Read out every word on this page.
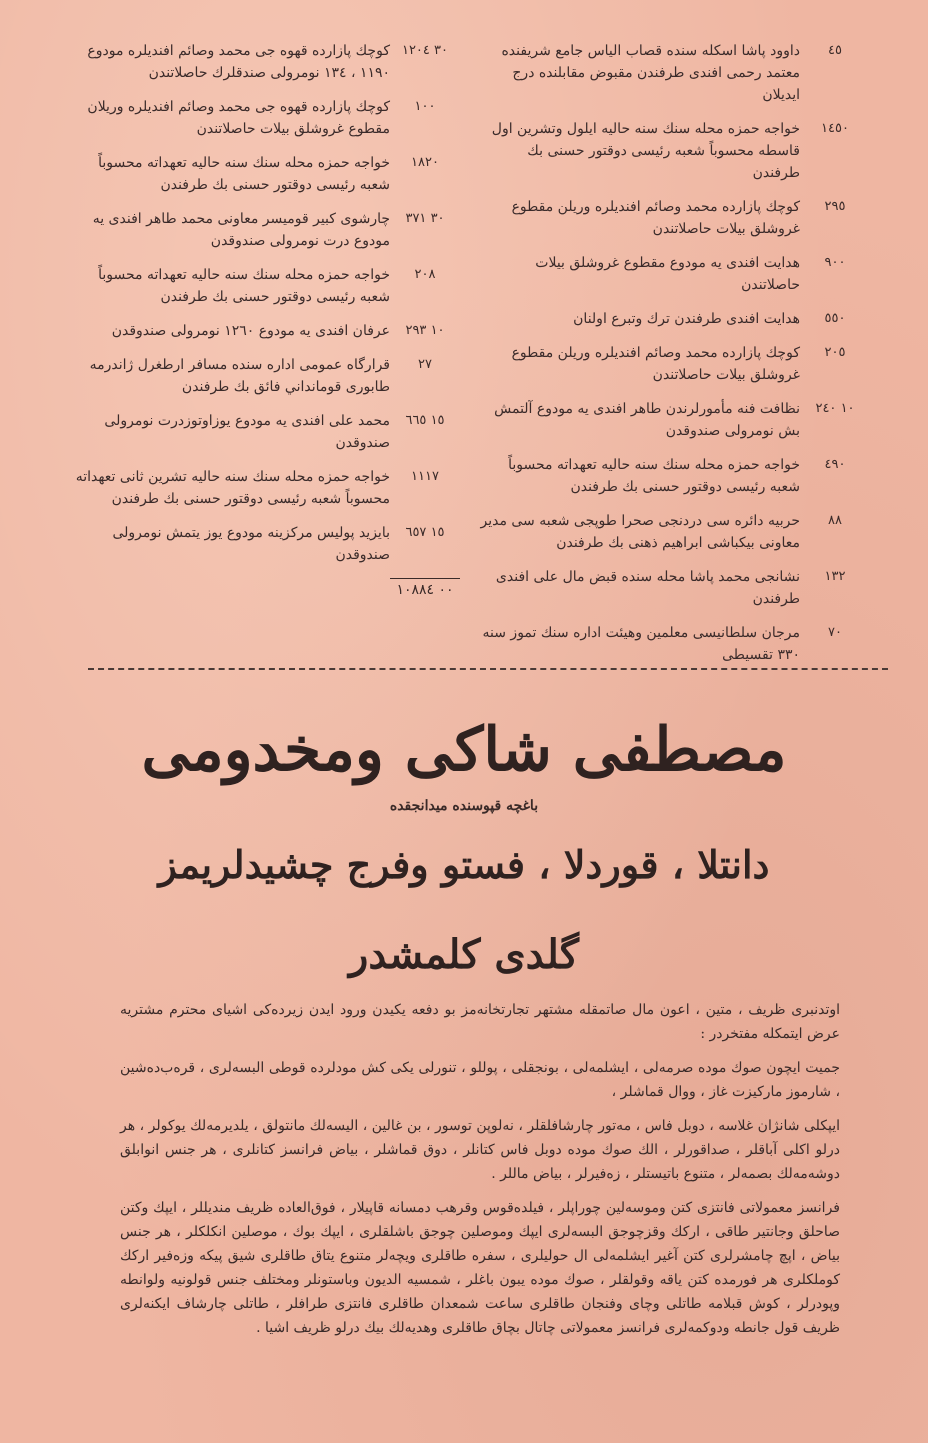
٤٥
داوود پاشا اسکله سنده قصاب الیاس جامع شریفنده معتمد رحمی افندی طرفندن مقبوض مقابلنده درج ایدیلان
١٤٥٠
خواجه حمزه محله سنك سنه حالیه ایلول وتشرین اول قاسطه محسوباً شعبه رئیسی دوقتور حسنی بك طرفندن
٢٩٥
کوچك پازارده محمد وصائم افندیلره وریلن مقطوع غروشلق بیلات حاصلاتندن
٩٠٠
هدایت افندی یه مودوع مقطوع غروشلق بیلات حاصلاتندن
٥٥٠
هدایت افندی طرفندن ترك وتبرع اولنان
٢٠٥
کوچك پازارده محمد وصائم افندیلره وریلن مقطوع غروشلق بیلات حاصلاتندن
١٠ ٢٤٠
نظافت فنه مأمورلرندن طاهر افندی یه مودوع آلتمش بش نومرولی صندوقدن
٤٩٠
خواجه حمزه محله سنك سنه حالیه تعهداته محسوباً شعبه رئیسی دوقتور حسنی بك طرفندن
٨٨
حربیه دائره سی دردنجی صحرا طوپجی شعبه سی مدیر معاونی بیکباشی ابراهیم ذهنی بك طرفندن
١٣٢
نشانجی محمد پاشا محله سنده قبض مال علی افندی طرفندن
٧٠
مرجان سلطانیسی معلمین وهیئت اداره سنك تموز سنه ٣٣٠ تقسیطی
٣٠ ١٢٠٤
کوچك پازارده قهوه جی محمد وصائم افندیلره مودوع ١١٩٠ ، ١٣٤ نومرولی صندقلرك حاصلاتندن
١٠٠
کوچك پازارده قهوه جی محمد وصائم افندیلره وریلان مقطوع غروشلق بیلات حاصلاتندن
١٨٢٠
خواجه حمزه محله سنك سنه حالیه تعهداته محسوباً شعبه رئیسی دوقتور حسنی بك طرفندن
٣٠ ٣٧١
چارشوی کبیر قومیسر معاونی محمد طاهر افندی یه مودوع درت نومرولی صندوقدن
٢٠٨
خواجه حمزه محله سنك سنه حالیه تعهداته محسوباً شعبه رئیسی دوقتور حسنی بك طرفندن
١٠ ٢٩٣
عرفان افندی یه مودوع ١٢٦٠ نومرولی صندوقدن
٢٧
قرارگاه عمومی اداره سنده مسافر ارطغرل ژاندرمه طابوری قومانداني فائق بك طرفندن
١٥ ٦٦٥
محمد علی افندی یه مودوع یوزاوتوزدرت نومرولی صندوقدن
١١١٧
خواجه حمزه محله سنك سنه حالیه تشرین ثانی تعهداته محسوباً شعبه رئیسی دوقتور حسنی بك طرفندن
١٥ ٦٥٧
بایزید پولیس مرکزینه مودوع یوز یتمش نومرولی صندوقدن
٠٠ ١٠٨٨٤
مصطفی شاکی ومخدومی
باغچه قپوسنده میدانجقده
دانتلا ، قوردلا ، فستو وفرج چشیدلریمز
گلدی کلمشدر

اوتدنبری ظریف ، متین ، اعون مال صاتمقله مشتهر تجارتخانه‌مز بو دفعه یکیدن ورود ایدن زیرده‌کی اشیای محترم مشتریه عرض ایتمکله مفتخردر :

جمیت ایچون صوك موده صرمه‌لی ، ایشلمه‌لی ، بونجقلی ، پوللو ، تنورلی یکی کش مودلرده قوطی البسه‌لری ، قره‌ب‌ده‌شین ، شارموز مارکیزت غاز ، ووال قماشلر ،

ایپکلی شانژان غلاسه ، دوبل فاس ، مه‌تور چارشافلقلر ، نه‌لوپن توسور ، بن غالین ، الیسه‌لك مانتولق ، یلدیرمه‌لك یوکولر ، هر درلو اکلی آباقلر ، صداقورلر ، الك صوك موده دوبل فاس کتانلر ، دوق قماشلر ، بیاض فرانسز کتانلری ، هر جنس انوابلق دوشه‌مه‌لك بصمه‌لر ، متنوع باتیستلر ، زه‌فیرلر ، بیاض ماللر .

فرانسز معمولاتی فانتزی کتن وموسه‌لین چوراپلر ، فیلده‌قوس وقرهب دمسانه قاپیلار ، فوق‌العاده ظریف مندیللر ، ایپك وکتن صاحلق وجانتیر طاقی ، ارکك وقزچوجق البسه‌لری ایپك وموصلین چوجق باشلقلری ، ایپك بوك ، موصلین انکلکلر ، هر جنس بیاض ، اپچ چامشرلری کتن آغیر ایشلمه‌لی ال حولیلری ، سفره طاقلری ویچه‌لر متنوع یتاق طاقلری شیق پیکه وزه‌فیر ارکك کوملکلری هر فورمده کتن یاقه وقولقلر ، صوك موده یبون باغلر ، شمسیه الدیون وباستونلر ومختلف جنس قولونیه ولوانطه وپودرلر ، کوش قبلامه طاتلی وچای وفنجان طاقلری ساعت شمعدان طاقلری فانتزی طرافلر ، طاتلی چارشاف ایکنه‌لری ظریف قول جانطه ودوکمه‌لری فرانسز معمولاتی چاتال بچاق طاقلری وهدیه‌لك بیك درلو ظریف اشیا .
